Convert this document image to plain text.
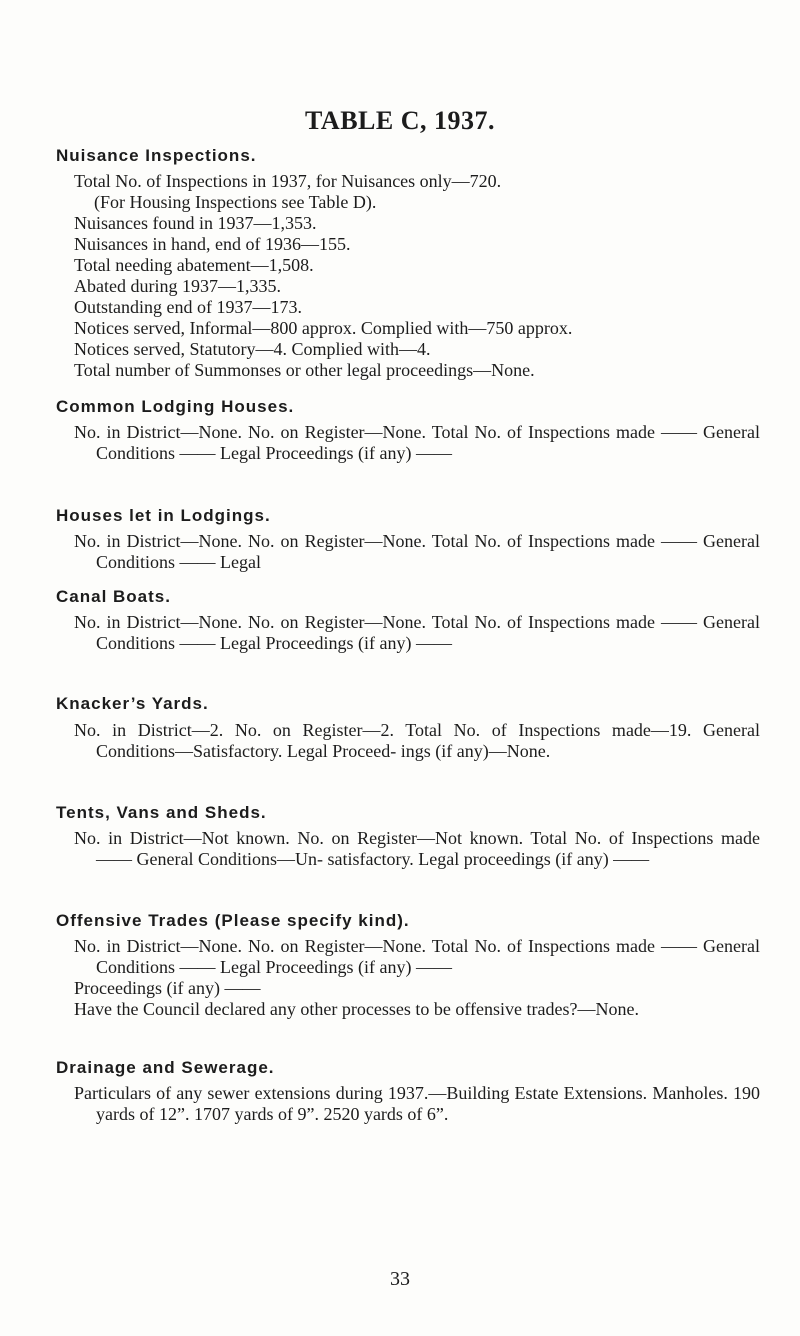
TABLE C, 1937.
Nuisance Inspections.
Total No. of Inspections in 1937, for Nuisances only—720.
(For Housing Inspections see Table D).
Nuisances found in 1937—1,353.
Nuisances in hand, end of 1936—155.
Total needing abatement—1,508.
Abated during 1937—1,335.
Outstanding end of 1937—173.
Notices served, Informal—800 approx. Complied with—750 approx.
Notices served, Statutory—4. Complied with—4.
Total number of Summonses or other legal proceedings—None.
Common Lodging Houses.

No. in District—None. No. on Register—None. Total No. of Inspections made —— General Conditions —— Legal Proceedings (if any) ——

Houses let in Lodgings.

No. in District—None. No. on Register—None. Total No. of Inspections made —— General Conditions —— Legal

Canal Boats.

No. in District—None. No. on Register—None. Total No. of Inspections made —— General Conditions —— Legal Proceedings (if any) ——

Knacker’s Yards.

No. in District—2. No. on Register—2. Total No. of Inspections made—19. General Conditions—Satisfactory. Legal Proceed- ings (if any)—None.

Tents, Vans and Sheds.

No. in District—Not known. No. on Register—Not known. Total No. of Inspections made —— General Conditions—Un- satisfactory. Legal proceedings (if any) ——

Offensive Trades (Please specify kind).

No. in District—None. No. on Register—None. Total No. of Inspections made —— General Conditions —— Legal Proceedings (if any) ——

Proceedings (if any) ——

Have the Council declared any other processes to be offensive trades?—None.

Drainage and Sewerage.

Particulars of any sewer extensions during 1937.—Building Estate Extensions. Manholes. 190 yards of 12”. 1707 yards of 9”. 2520 yards of 6”.

33
